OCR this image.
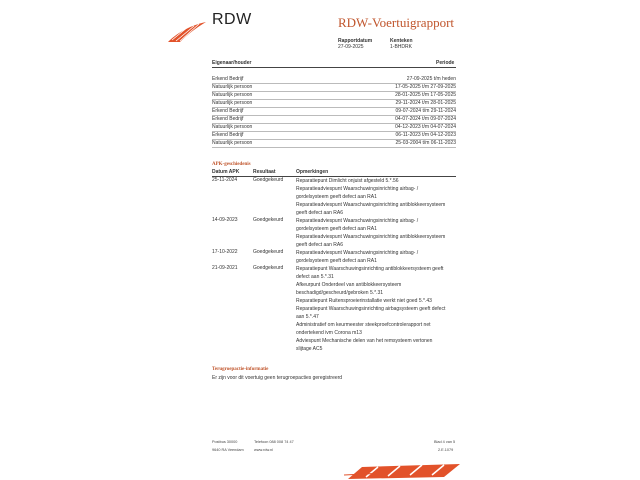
RDW	RDW-Voertuigrapport
Rapportdatum
27-09-2025
Kenteken
1-BHDRK
Eigenaar/houder	Periode
Erkend Bedrijf	27-09-2025 t/m heden
Natuurlijk persoon	17-05-2025 t/m 27-09-2025
Natuurlijk persoon	28-01-2025 t/m 17-05-2025
Natuurlijk persoon	29-11-2024 t/m 28-01-2025
Erkend Bedrijf	09-07-2024 t/m 29-11-2024
Erkend Bedrijf	04-07-2024 t/m 09-07-2024
Natuurlijk persoon	04-12-2023 t/m 04-07-2024
Erkend Bedrijf	06-11-2023 t/m 04-12-2023
Natuurlijk persoon	25-03-2004 t/m 06-11-2023
APK-geschiedenis
Datum APK	Resultaat	Opmerkingen
25-11-2024	Goedgekeurd	Reparatiepunt Dimlicht onjuist afgesteld 5.*.56
Reparatieadviespunt Waarschuwingsinrichting airbag- /
gordelsysteem geeft defect aan RA1
Reparatieadviespunt Waarschuwingsinrichting antiblokkeersysteem
geeft defect aan RA6
14-09-2023	Goedgekeurd	Reparatieadviespunt Waarschuwingsinrichting airbag- /
gordelsysteem geeft defect aan RA1
Reparatieadviespunt Waarschuwingsinrichting antiblokkeersysteem
geeft defect aan RA6
17-10-2022	Goedgekeurd	Reparatieadviespunt Waarschuwingsinrichting airbag- /
gordelsysteem geeft defect aan RA1
21-09-2021	Goedgekeurd	Reparatiepunt Waarschuwingsinrichting antiblokkeersysteem geeft
defect aan 5.*.31
Afkeurpunt Onderdeel van antiblokkeersysteem
beschadigd/gescheurd/gebroken 5.*.31
Reparatiepunt Ruitensproeierinstallatie werkt niet goed 5.*.43
Reparatiepunt Waarschuwingsinrichting airbagsysteem geeft defect
aan 5.*.47
Administratief om keurmeester steekproefcontrolerapport net
ondertekend ivm Corona m13
Adviespunt Mechanische delen van het remsysteem vertonen
slijtage AC5
Terugroepactie-informatie
Er zijn voor dit voertuig geen terugroepacties geregistreerd
Postbus 30000	Telefoon 088 008 74 47	Blad 4 van 5
9640 RA Veendam	www.rdw.nl	2.E.1079
